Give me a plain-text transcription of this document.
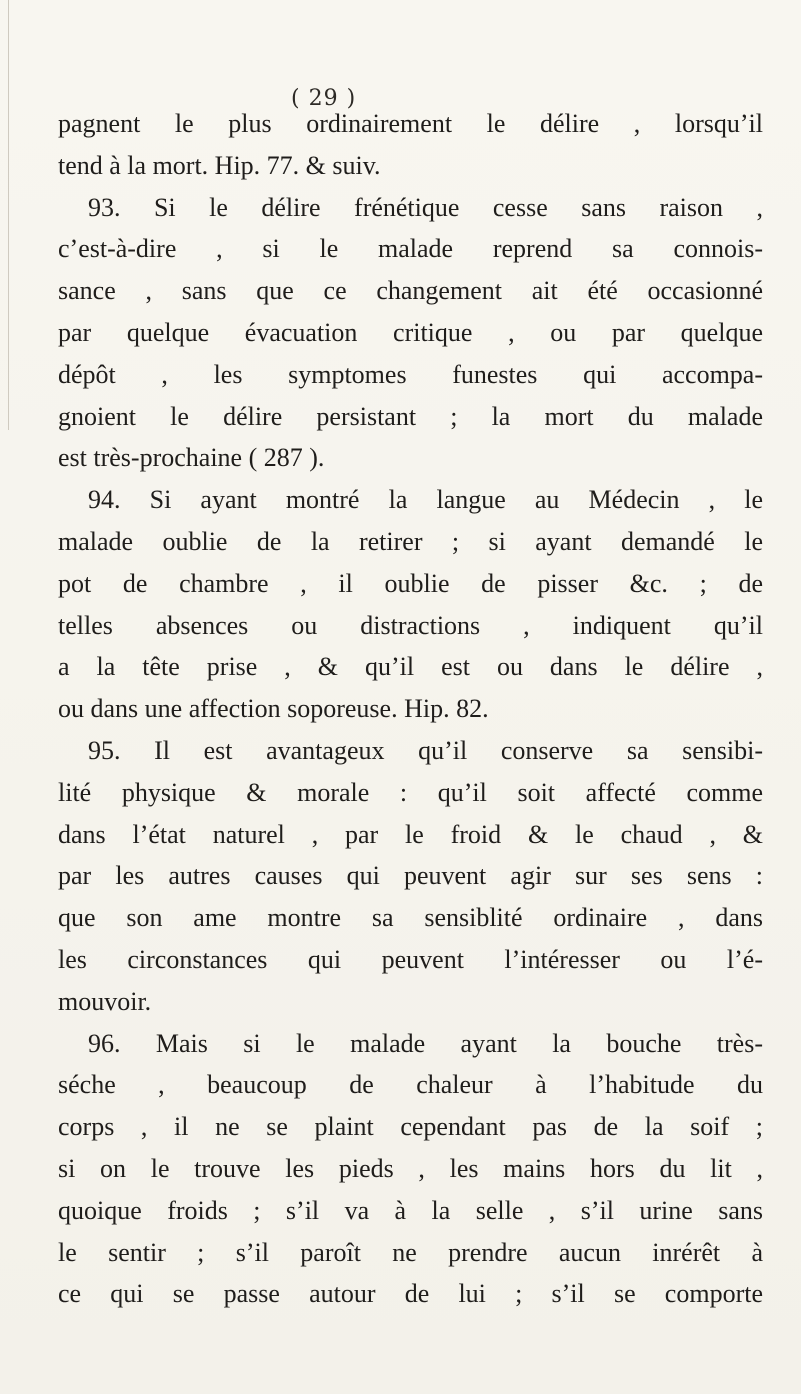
( 29 )
pagnent le plus ordinairement le délire , lorsqu’il
tend à la mort. Hip. 77. & suiv.
93. Si le délire frénétique cesse sans raison ,
c’est-à-dire , si le malade reprend sa connois-
sance , sans que ce changement ait été occasionné
par quelque évacuation critique , ou par quelque
dépôt , les symptomes funestes qui accompa-
gnoient le délire persistant ; la mort du malade
est très-prochaine ( 287 ).
94. Si ayant montré la langue au Médecin , le
malade oublie de la retirer ; si ayant demandé le
pot de chambre , il oublie de pisser &c. ; de
telles absences ou distractions , indiquent qu’il
a la tête prise , & qu’il est ou dans le délire ,
ou dans une affection soporeuse. Hip. 82.
95. Il est avantageux qu’il conserve sa sensibi-
lité physique & morale : qu’il soit affecté comme
dans l’état naturel , par le froid & le chaud , &
par les autres causes qui peuvent agir sur ses sens :
que son ame montre sa sensiblité ordinaire , dans
les circonstances qui peuvent l’intéresser ou l’é-
mouvoir.
96. Mais si le malade ayant la bouche très-
séche , beaucoup de chaleur à l’habitude du
corps , il ne se plaint cependant pas de la soif ;
si on le trouve les pieds , les mains hors du lit ,
quoique froids ; s’il va à la selle , s’il urine sans
le sentir ; s’il paroît ne prendre aucun inrérêt à
ce qui se passe autour de lui ; s’il se comporte
